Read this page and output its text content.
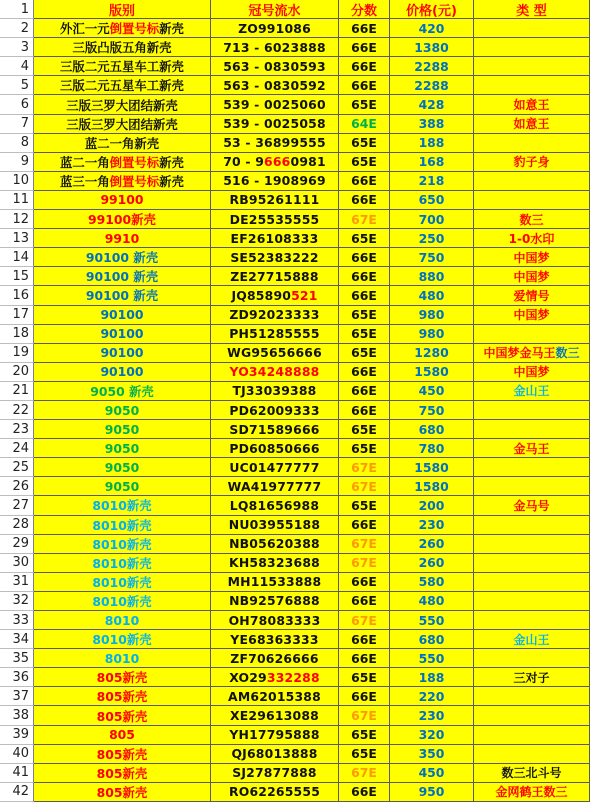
1	版别	冠号流水	分数	价格(元)	类 型
2	外汇一元 倒置号标 新壳	ZO991086	66E	420
3	三版凸版五角新壳	713 - 6023888 66E	1380
4	三版二元五星车工新壳	563 - 0830593 66E	2288
5	三版二元五星车工新壳	563 - 0830592 66E	2288
6	三版三罗大团结新壳	539 - 0025060 65E	428	如意王
7	三版三罗大团结新壳	539 - 0025058 64E	388	如意王
8	蓝二一角新壳	53 - 36899555 65E	188
9	蓝二一角 倒置号标 新壳	70 - 9 666 0981 65E	168	豹子身
10	蓝三一角 倒置号标 新壳	516 - 1908969 66E	218
11	99100	RB95261111	66E	650
12	99100新壳	DE25535555	67E	700	数三
13	9910	EF26108333	65E	250	1-0水印
14	90100 新壳	SE52383222	66E	750	中国梦
15	90100 新壳	ZE27715888	66E	880	中国梦
16	90100 新壳	JQ85890 521	66E	480	爱情号
17	90100	ZD92023333	65E	980	中国梦
18	90100	PH51285555	65E	980
19	90100	WG95656666 65E	1280	中国梦金马王 数三
20	90100	YO34248888	66E	1580	中国梦
21	9050 新壳	TJ33039388	66E	450	金山王
22	9050	PD62009333	66E	750
23	9050	SD71589666	65E	680
24	9050	PD60850666	65E	780	金马王
25	9050	UC01477777	67E	1580
26	9050	WA41977777 67E	1580
27	8010新壳	LQ81656988	65E	200	金马号
28	8010新壳	NU03955188 66E	230
29	8010新壳	NB05620388	67E	260
30	8010新壳	KH58323688	67E	260
31	8010新壳	MH11533888 66E	580
32	8010新壳	NB92576888	66E	480
33	8010	OH78083333 67E	550
34	8010新壳	YE68363333	66E	680	金山王
35	8010	ZF70626666	66E	550
36	805新壳	XO29 332288	65E	188	三对子
37	805新壳	AM62015388 66E	220
38	805新壳	XE29613088	67E	230
39	805	YH17795888	65E	320
40	805新壳	QJ68013888	65E	350
41	805新壳	SJ27877888	67E	450	数三北斗号
42	805新壳	RO62265555	66E	950	金网鹤王数三
